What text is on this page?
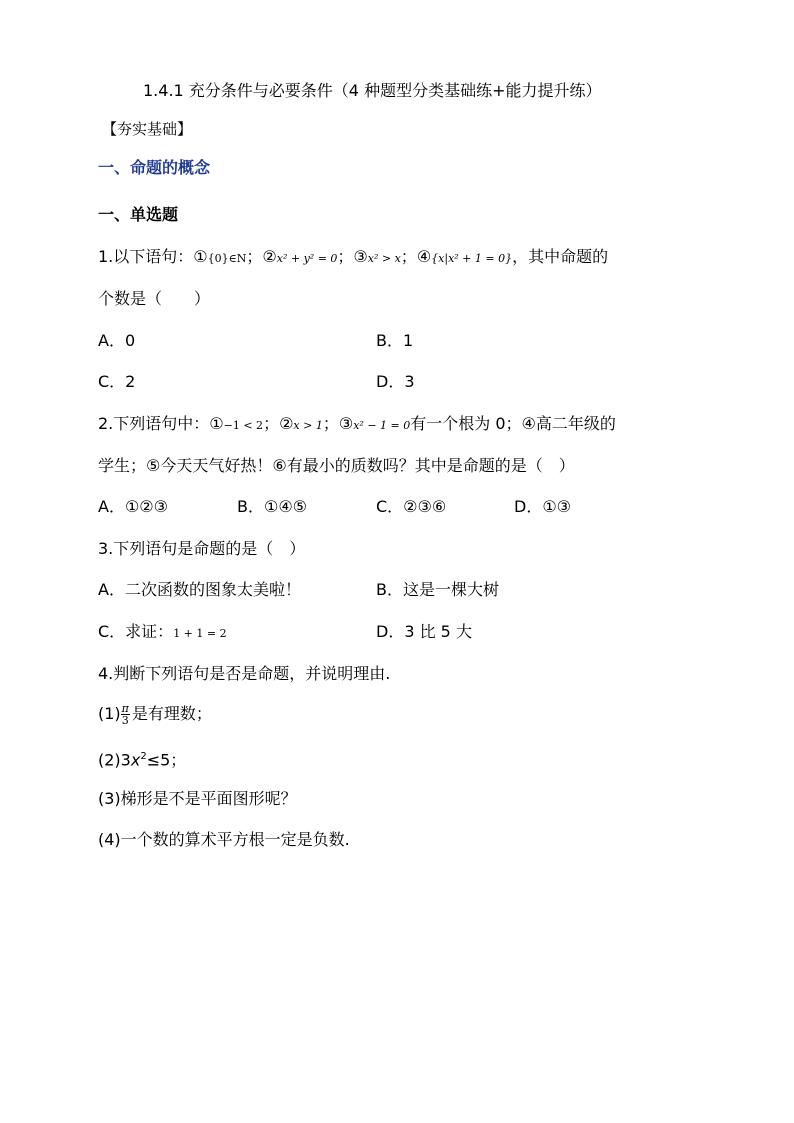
1.4.1 充分条件与必要条件（4 种题型分类基础练+能力提升练）
【夯实基础】
一、命题的概念
一、单选题
1.以下语句：①{0}∈N；②x² + y² = 0；③x² > x；④{x|x² + 1 = 0}，其中命题的
个数是（　　）
A．0	B．1
C．2	D．3
2.下列语句中：①−1 < 2；②x > 1；③x² − 1 = 0有一个根为 0；④高二年级的
学生；⑤今天天气好热！⑥有最小的质数吗？其中是命题的是（　）
A．①②③	B．①④⑤	C．②③⑥	D．①③
3.下列语句是命题的是（　）
A．二次函数的图象太美啦！	B．这是一棵大树
C．求证：1 + 1 = 2	D．3 比 5 大
4.判断下列语句是否是命题，并说明理由.
$(1) \frac{\pi}{3}$ 是有理数；
$(2)3x^2\le 5$；
(3)梯形是不是平面图形呢？
(4)一个数的算术平方根一定是负数.
